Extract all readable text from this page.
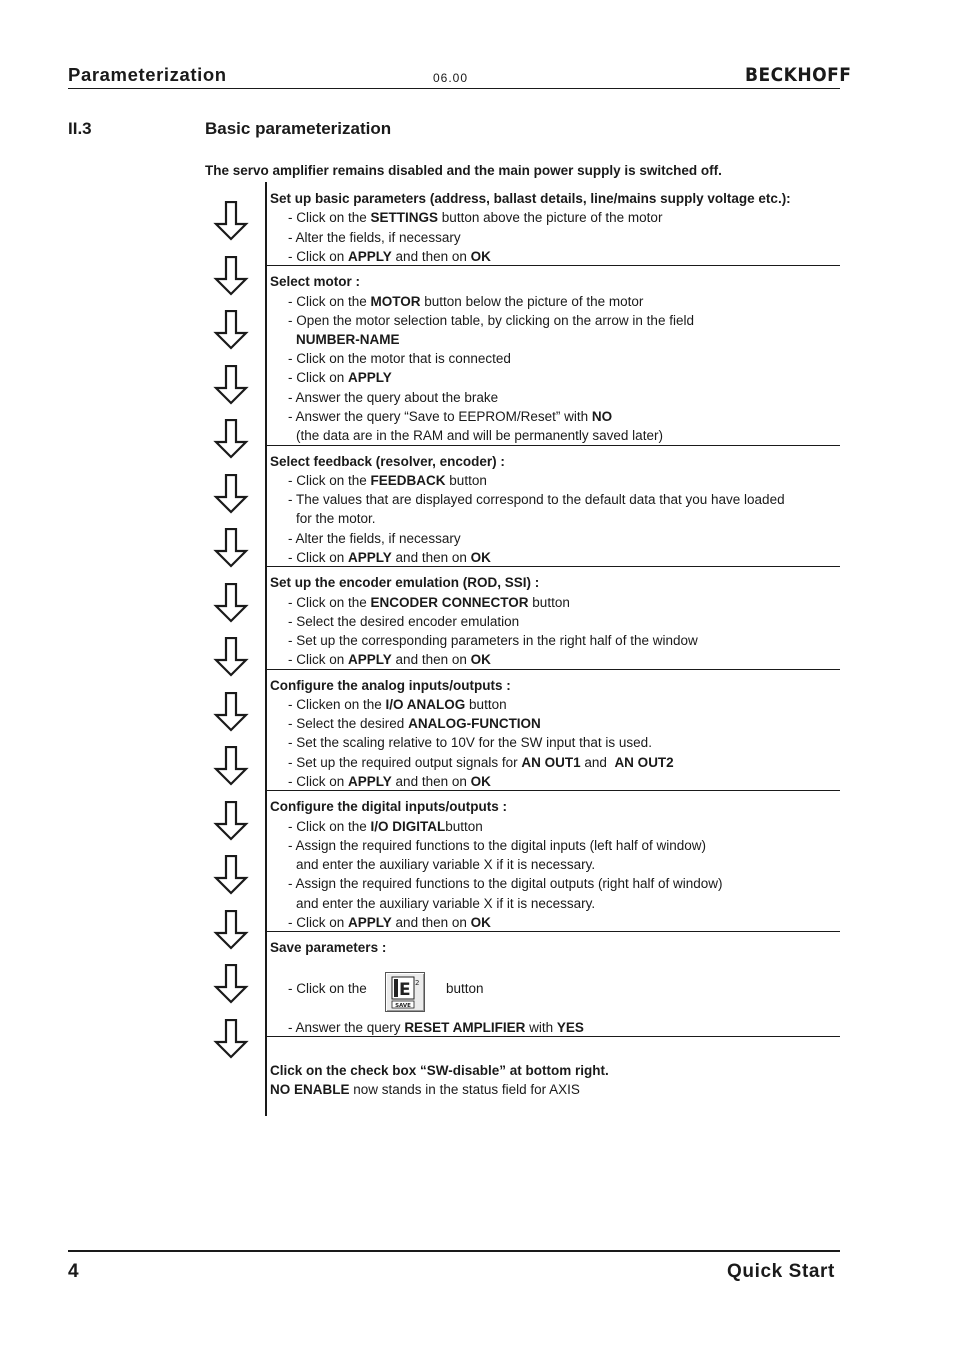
Parameterization	06.00	BECKHOFF
II.3	Basic parameterization
The servo amplifier remains disabled and the main power supply is switched off.
Set up basic parameters (address, ballast details, line/mains supply voltage etc.):
- Click on the SETTINGS button above the picture of the motor
- Alter the fields, if necessary
- Click on APPLY and then on OK
Select motor :
- Click on the MOTOR button below the picture of the motor
- Open the motor selection table, by clicking on the arrow in the field
NUMBER-NAME
- Click on the motor that is connected
- Click on APPLY
- Answer the query about the brake
- Answer the query “Save to EEPROM/Reset” with NO
(the data are in the RAM and will be permanently saved later)
Select feedback (resolver, encoder) :
- Click on the FEEDBACK button
- The values that are displayed correspond to the default data that you have loaded
for the motor.
- Alter the fields, if necessary
- Click on APPLY and then on OK
Set up the encoder emulation (ROD, SSI) :
- Click on the ENCODER CONNECTOR button
- Select the desired encoder emulation
- Set up the corresponding parameters in the right half of the window
- Click on APPLY and then on OK
Configure the analog inputs/outputs :
- Clicken on the I/O ANALOG button
- Select the desired ANALOG-FUNCTION
- Set the scaling relative to 10V for the SW input that is used.
- Set up the required output signals for AN OUT1 and  AN OUT2
- Click on APPLY and then on OK
Configure the digital inputs/outputs :
- Click on the I/O DIGITALbutton
- Assign the required functions to the digital inputs (left half of window)
and enter the auxiliary variable X if it is necessary.
- Assign the required functions to the digital outputs (right half of window)
and enter the auxiliary variable X if it is necessary.
- Click on APPLY and then on OK
Save parameters :
- Click on the E 2
SAVE
button
- Answer the query RESET AMPLIFIER with YES
Click on the check box “SW-disable” at bottom right.
NO ENABLE now stands in the status field for AXIS
4	Quick Start
